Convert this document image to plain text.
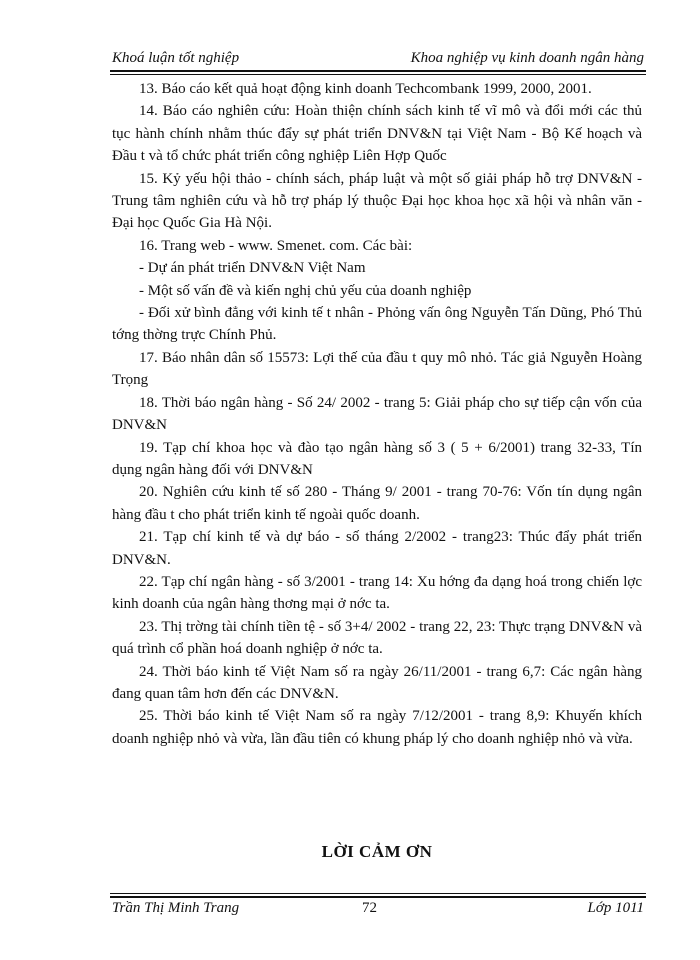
Khoá luận tốt nghiệp	Khoa nghiệp vụ kinh doanh ngân hàng

13. Báo cáo kết quả hoạt động kinh doanh Techcombank 1999, 2000, 2001.

14. Báo cáo nghiên cứu: Hoàn thiện chính sách kinh tế vĩ mô và đổi mới các thủ tục hành chính nhằm thúc đẩy sự phát triển DNV&N tại Việt Nam - Bộ Kế hoạch và Đầu t và tổ chức phát triển công nghiệp Liên Hợp Quốc

15. Kỷ yếu hội thảo - chính sách, pháp luật và một số giải pháp hỗ trợ DNV&N - Trung tâm nghiên cứu và hỗ trợ pháp lý thuộc Đại học khoa học xã hội và nhân văn - Đại học Quốc Gia Hà Nội.

16. Trang web - www. Smenet. com. Các bài:

- Dự án phát triển DNV&N Việt Nam

- Một số vấn đề và kiến nghị chủ yếu của doanh nghiệp

- Đối xử bình đẳng với kinh tế t nhân - Phỏng vấn ông Nguyễn Tấn Dũng, Phó Thủ tớng thờng trực Chính Phủ.

17. Báo nhân dân số 15573: Lợi thế của đầu t quy mô nhỏ. Tác giả Nguyễn Hoàng Trọng

18. Thời báo ngân hàng - Số 24/ 2002 - trang 5: Giải pháp cho sự tiếp cận vốn của DNV&N

19. Tạp chí khoa học và đào tạo ngân hàng số 3 ( 5 + 6/2001) trang 32-33, Tín dụng ngân hàng đối với DNV&N

20. Nghiên cứu kinh tế số 280 - Tháng 9/ 2001 - trang 70-76: Vốn tín dụng ngân hàng đầu t cho phát triển kinh tế ngoài quốc doanh.

21. Tạp chí kinh tế và dự báo - số tháng 2/2002 - trang23: Thúc đẩy phát triển DNV&N.

22. Tạp chí ngân hàng - số 3/2001 - trang 14: Xu hớng đa dạng hoá trong chiến lợc kinh doanh của ngân hàng thơng mại ở nớc ta.

23. Thị trờng tài chính tiền tệ - số 3+4/ 2002 - trang 22, 23: Thực trạng DNV&N và quá trình cổ phần hoá doanh nghiệp ở nớc ta.

24. Thời báo kinh tế Việt Nam số ra ngày 26/11/2001 - trang 6,7: Các ngân hàng đang quan tâm hơn đến các DNV&N.

25. Thời báo kinh tế Việt Nam số ra ngày 7/12/2001 - trang 8,9: Khuyến khích doanh nghiệp nhỏ và vừa, lần đầu tiên có khung pháp lý cho doanh nghiệp nhỏ và vừa.

LỜI CẢM ƠN
Trần Thị Minh Trang	72	Lớp 1011
